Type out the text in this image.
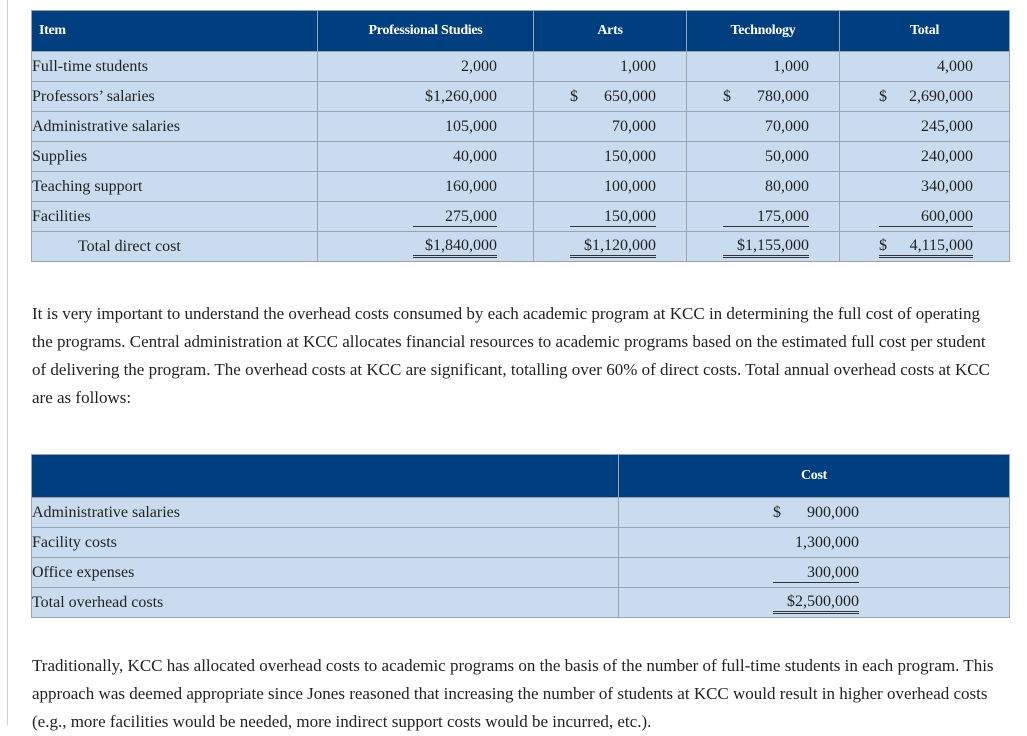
Item	Professional Studies	Arts	Technology	Total
Full-time students	2,000	1,000	1,000	4,000

Professors’ salaries	$1,260,000	$ 650,000	$ 780,000	$ 2,690,000

Administrative salaries	105,000	70,000	70,000	245,000

Supplies	40,000	150,000	50,000	240,000

Teaching support	160,000	100,000	80,000	340,000

Facilities	275,000	150,000	175,000	600,000

Total direct cost	$1,840,000	$1,120,000	$1,155,000	$ 4,115,000

It is very important to understand the overhead costs consumed by each academic program at KCC in determining the full cost of operating the programs. Central administration at KCC allocates financial resources to academic programs based on the estimated full cost per student of delivering the program. The overhead costs at KCC are significant, totalling over 60% of direct costs. Total annual overhead costs at KCC are as follows:

	Cost
Administrative salaries	$ 900,000

Facility costs	1,300,000

Office expenses	300,000

Total overhead costs	$2,500,000

Traditionally, KCC has allocated overhead costs to academic programs on the basis of the number of full-time students in each program. This approach was deemed appropriate since Jones reasoned that increasing the number of students at KCC would result in higher overhead costs (e.g., more facilities would be needed, more indirect support costs would be incurred, etc.).
